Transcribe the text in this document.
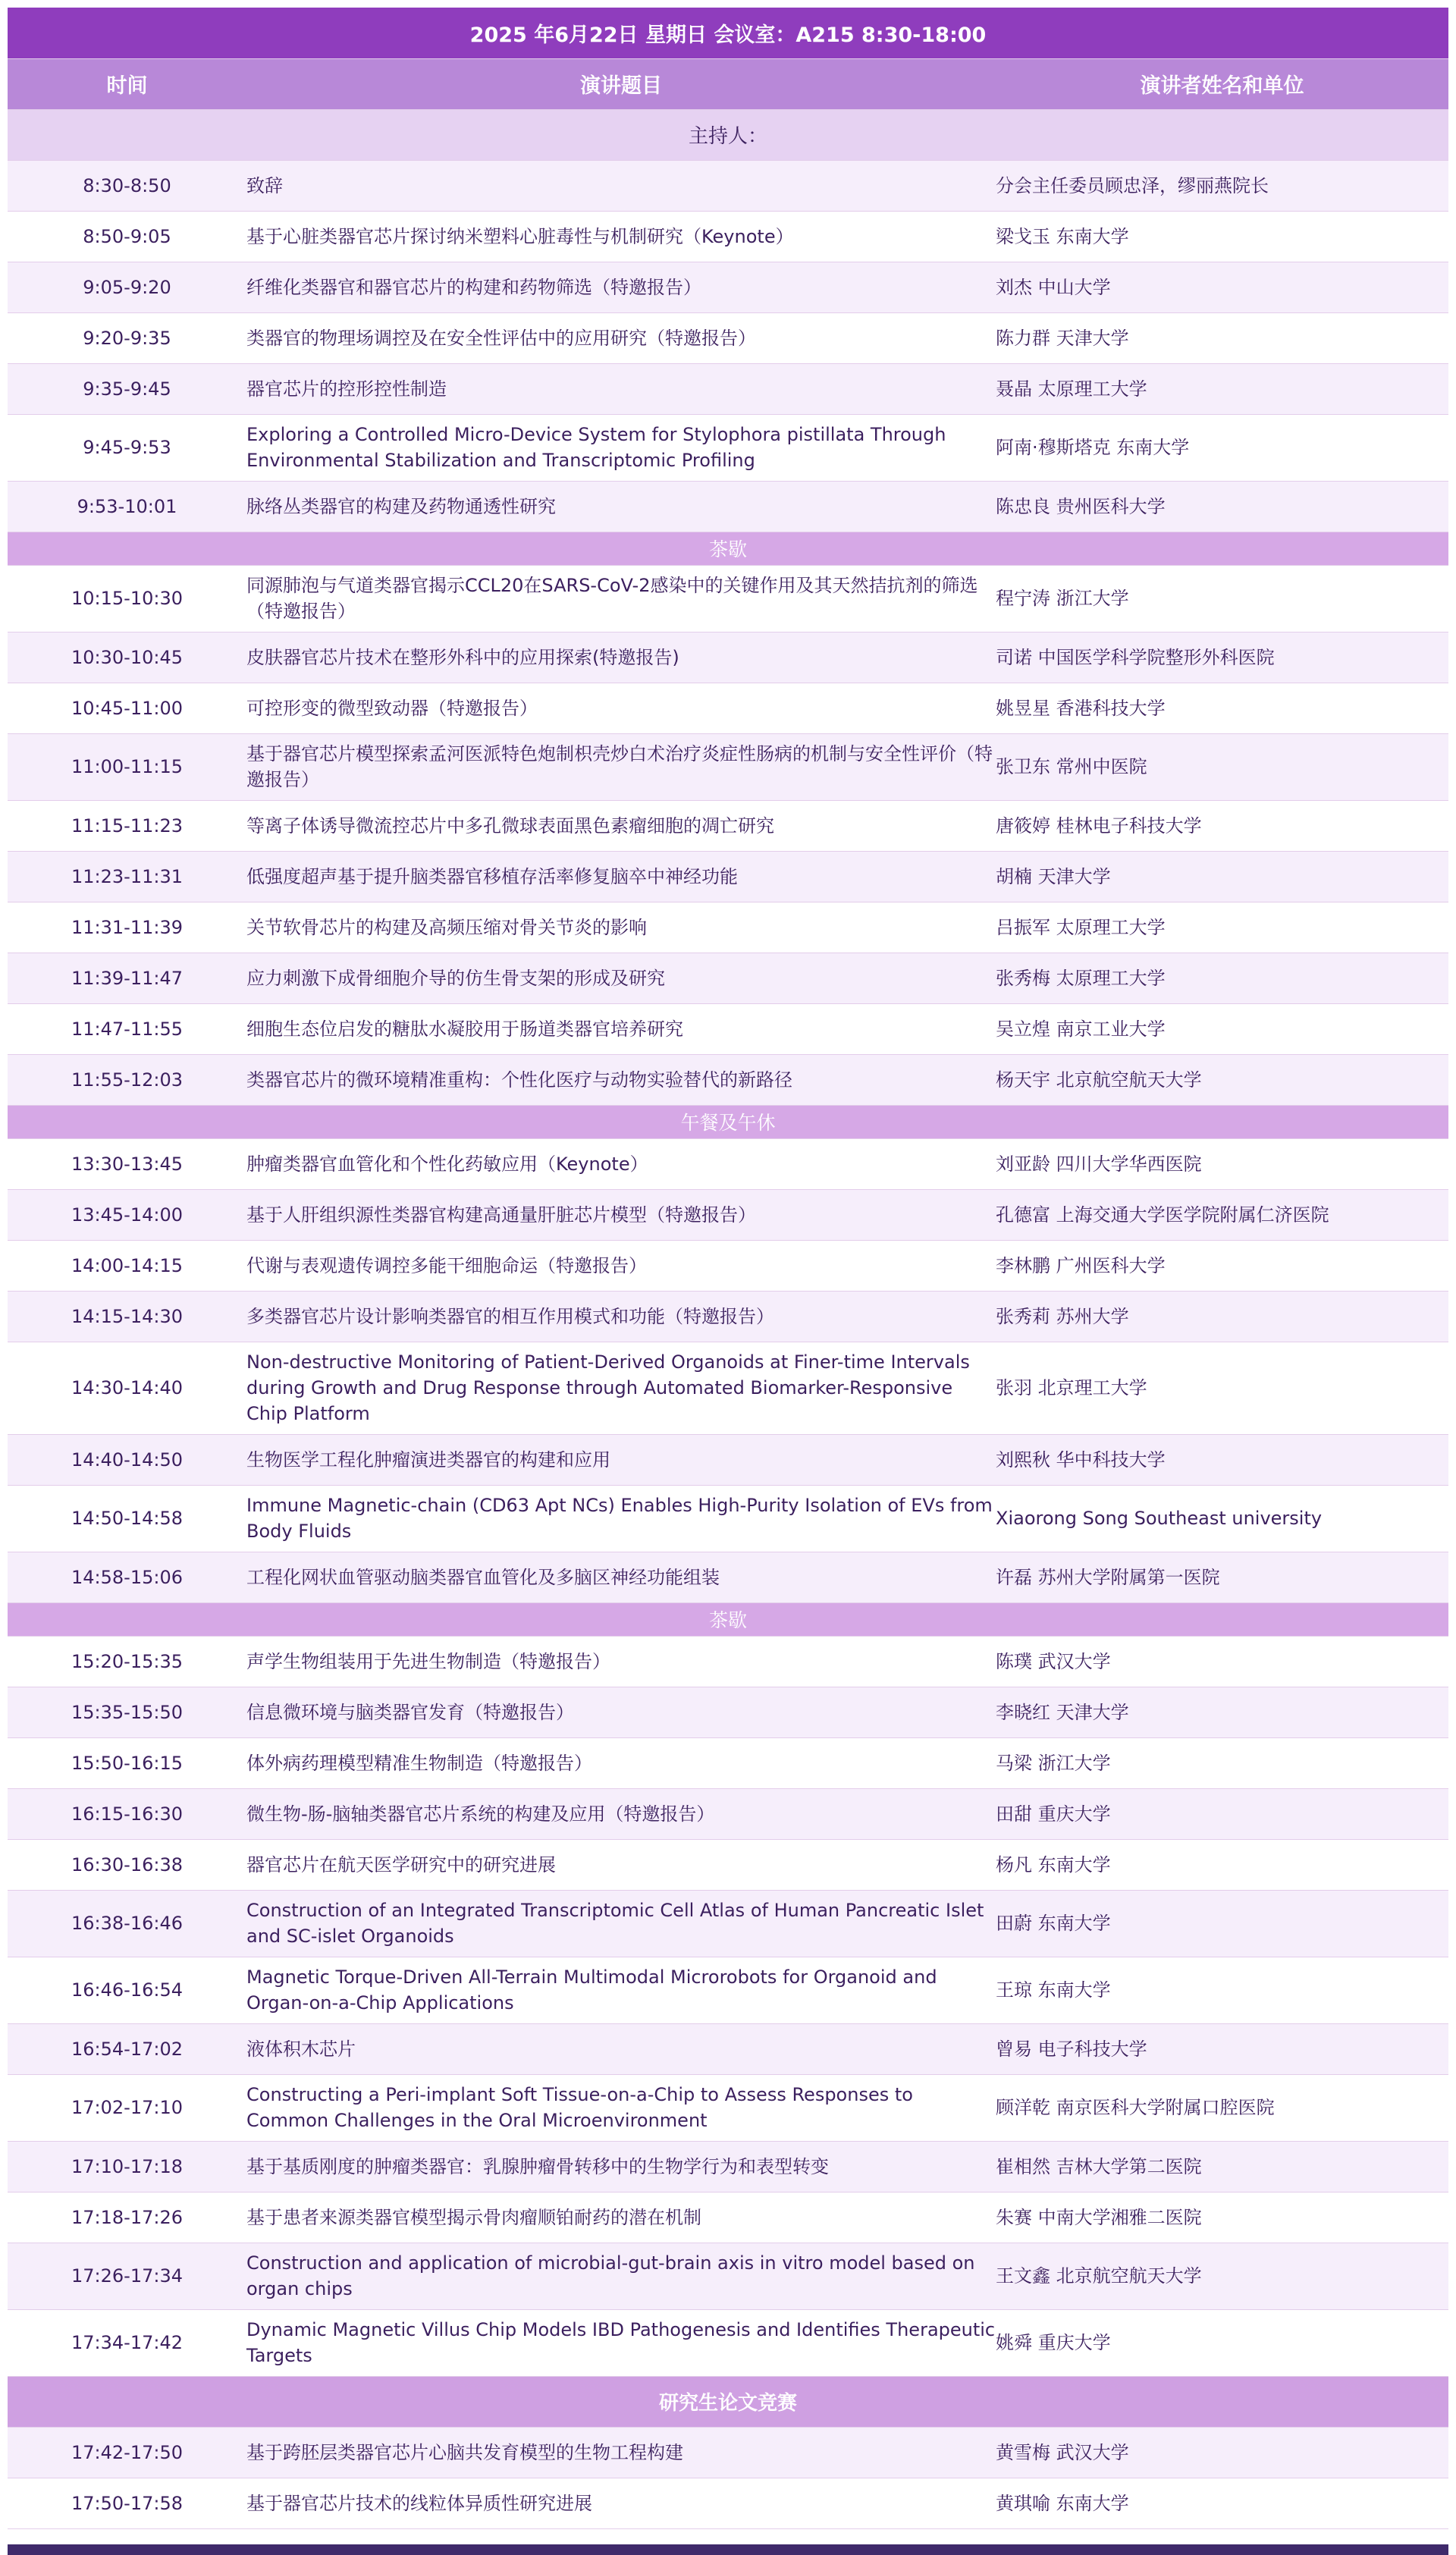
2025 年6月22日 星期日 会议室：A215 8:30-18:00		
时间	演讲题目	演讲者姓名和单位
主持人：		
8:30-8:50	致辞	分会主任委员顾忠泽，缪丽燕院长
8:50-9:05	基于心脏类器官芯片探讨纳米塑料心脏毒性与机制研究（Keynote）	梁戈玉 东南大学
9:05-9:20	纤维化类器官和器官芯片的构建和药物筛选（特邀报告）	刘杰 中山大学
9:20-9:35	类器官的物理场调控及在安全性评估中的应用研究（特邀报告）	陈力群 天津大学
9:35-9:45	器官芯片的控形控性制造	聂晶 太原理工大学
9:45-9:53	Exploring a Controlled Micro-Device System for Stylophora pistillata Through Environmental Stabilization and Transcriptomic Profiling	阿南·穆斯塔克 东南大学
9:53-10:01	脉络丛类器官的构建及药物通透性研究	陈忠良 贵州医科大学
茶歇		
10:15-10:30	同源肺泡与气道类器官揭示CCL20在SARS-CoV-2感染中的关键作用及其天然拮抗剂的筛选（特邀报告）	程宁涛 浙江大学
10:30-10:45	皮肤器官芯片技术在整形外科中的应用探索(特邀报告)	司诺 中国医学科学院整形外科医院
10:45-11:00	可控形变的微型致动器（特邀报告）	姚昱星 香港科技大学
11:00-11:15	基于器官芯片模型探索孟河医派特色炮制枳壳炒白术治疗炎症性肠病的机制与安全性评价（特邀报告）	张卫东 常州中医院
11:15-11:23	等离子体诱导微流控芯片中多孔微球表面黑色素瘤细胞的凋亡研究	唐筱婷 桂林电子科技大学
11:23-11:31	低强度超声基于提升脑类器官移植存活率修复脑卒中神经功能	胡楠 天津大学
11:31-11:39	关节软骨芯片的构建及高频压缩对骨关节炎的影响	吕振军 太原理工大学
11:39-11:47	应力刺激下成骨细胞介导的仿生骨支架的形成及研究	张秀梅 太原理工大学
11:47-11:55	细胞生态位启发的糖肽水凝胶用于肠道类器官培养研究	吴立煌 南京工业大学
11:55-12:03	类器官芯片的微环境精准重构：个性化医疗与动物实验替代的新路径	杨天宇 北京航空航天大学
午餐及午休		
13:30-13:45	肿瘤类器官血管化和个性化药敏应用（Keynote）	刘亚龄 四川大学华西医院
13:45-14:00	基于人肝组织源性类器官构建高通量肝脏芯片模型（特邀报告）	孔德富 上海交通大学医学院附属仁济医院
14:00-14:15	代谢与表观遗传调控多能干细胞命运（特邀报告）	李林鹏 广州医科大学
14:15-14:30	多类器官芯片设计影响类器官的相互作用模式和功能（特邀报告）	张秀莉 苏州大学
14:30-14:40	Non-destructive Monitoring of Patient-Derived Organoids at Finer-time Intervals during Growth and Drug Response through Automated Biomarker-Responsive Chip Platform	张羽 北京理工大学
14:40-14:50	生物医学工程化肿瘤演进类器官的构建和应用	刘熙秋 华中科技大学
14:50-14:58	Immune Magnetic-chain (CD63 Apt NCs) Enables High-Purity Isolation of EVs from Body Fluids	Xiaorong Song Southeast university
14:58-15:06	工程化网状血管驱动脑类器官血管化及多脑区神经功能组装	许磊 苏州大学附属第一医院
茶歇		
15:20-15:35	声学生物组装用于先进生物制造（特邀报告）	陈璞 武汉大学
15:35-15:50	信息微环境与脑类器官发育（特邀报告）	李晓红 天津大学
15:50-16:15	体外病药理模型精准生物制造（特邀报告）	马梁 浙江大学
16:15-16:30	微生物-肠-脑轴类器官芯片系统的构建及应用（特邀报告）	田甜 重庆大学
16:30-16:38	器官芯片在航天医学研究中的研究进展	杨凡 东南大学
16:38-16:46	Construction of an Integrated Transcriptomic Cell Atlas of Human Pancreatic Islet and SC-islet Organoids	田蔚 东南大学
16:46-16:54	Magnetic Torque-Driven All-Terrain Multimodal Microrobots for Organoid and Organ-on-a-Chip Applications	王琼 东南大学
16:54-17:02	液体积木芯片	曾易 电子科技大学
17:02-17:10	Constructing a Peri-implant Soft Tissue-on-a-Chip to Assess Responses to Common Challenges in the Oral Microenvironment	顾洋乾 南京医科大学附属口腔医院
17:10-17:18	基于基质刚度的肿瘤类器官：乳腺肿瘤骨转移中的生物学行为和表型转变	崔相然 吉林大学第二医院
17:18-17:26	基于患者来源类器官模型揭示骨肉瘤顺铂耐药的潜在机制	朱赛 中南大学湘雅二医院
17:26-17:34	Construction and application of microbial-gut-brain axis in vitro model based on organ chips	王文鑫 北京航空航天大学
17:34-17:42	Dynamic Magnetic Villus Chip Models IBD Pathogenesis and Identifies Therapeutic Targets	姚舜 重庆大学
研究生论文竞赛		
17:42-17:50	基于跨胚层类器官芯片心脑共发育模型的生物工程构建	黄雪梅 武汉大学
17:50-17:58	基于器官芯片技术的线粒体异质性研究进展	黄琪喻 东南大学
